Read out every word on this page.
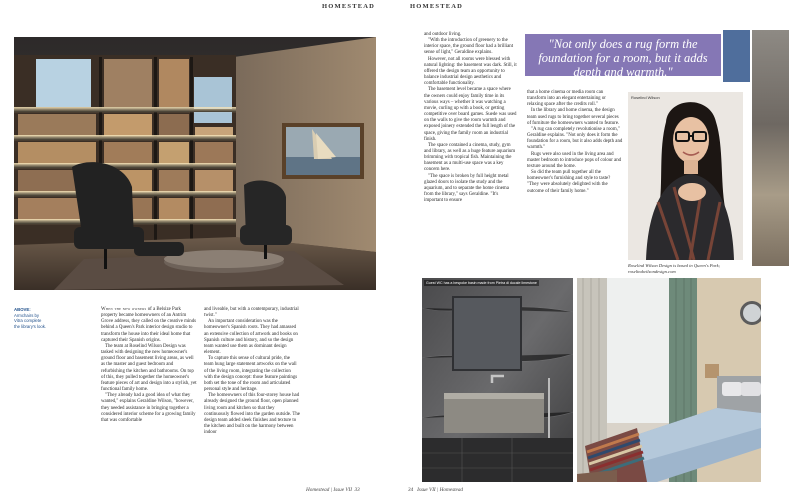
HOMESTEAD
ABOVE:
Armchairs by Vitra complete the library's look.

When the new owners of a Belsize Park property became homeowners of an Antrim Grove address, they called on the creative minds behind a Queen's Park interior design studio to transform the house into their ideal home that captured their Spanish origins.

The team at Roselind Wilson Design was tasked with designing the new homeowner's ground floor and basement living areas, as well as the master and guest bedroom and refurbishing the kitchen and bathrooms. On top of this, they pulled together the homeowner's feature pieces of art and design into a stylish, yet functional family home.

"They already had a good idea of what they wanted," explains Geraldine Wilson, "however, they needed assistance in bringing together a considered interior scheme for a growing family that was comfortable

and liveable, but with a contemporary, industrial twist."

An important consideration was the homeowner's Spanish roots. They had amassed an extensive collection of artwork and books on Spanish culture and history, and so the design team wanted use them as dominant design element.

To capture this sense of cultural pride, the team hung large statement artworks on the wall of the living room, integrating the collection with the design concept: those feature paintings both set the tone of the room and articulated personal style and heritage.

The homeowners of this four-storey house had already designed the ground floor, open planned living room and kitchen so that they continuously flowed into the garden outside. The design team added sleek finishes and texture to the kitchen and built on the harmony between indoor

Homestead | Issue VII 33
HOMESTEAD

and outdoor living.

"With the introduction of greenery to the interior space, the ground floor had a brilliant sense of light," Geraldine explains.

However, not all rooms were blessed with natural lighting: the basement was dark. Still, it offered the design team an opportunity to balance industrial design aesthetics and comfortable functionality.

The basement level became a space where the owners could enjoy family time in its various ways – whether it was watching a movie, curling up with a book, or getting competitive over board games. Suede was used on the walls to give the room warmth and exposed joinery extended the full length of the space, giving the family room an industrial finish.

The space contained a cinema, study, gym and library, as well as a huge feature aquarium brimming with tropical fish. Maintaining the basement as a multi-use space was a key concern here.

"The space is broken by full height metal glazed doors to isolate the study and the aquarium, and to separate the home cinema from the library," says Geraldine. "It's important to ensure

"Not only does a rug form the foundation for a room, but it adds depth and warmth."

that a home cinema or media room can transform into an elegant entertaining or relaxing space after the credits roll."

In the library and home cinema, the design team used rugs to bring together several pieces of furniture the homeowners wanted to feature.

"A rug can completely revolutionise a room," Geraldine explains. "Not only does it form the foundation for a room, but it also adds depth and warmth."

Rugs were also used in the living area and master bedroom to introduce pops of colour and texture around the home.

So did the team pull together all the homeowner's furnishing and style to taste? "They were absolutely delighted with the outcome of their family home."

Roselind Wilson
Roselind Wilson Design is based in Queen's Park; roselindwilsondesign.com
Guest WC has a bespoke basin made from Pietra di ducale limestone
34 Issue VII | Homestead
